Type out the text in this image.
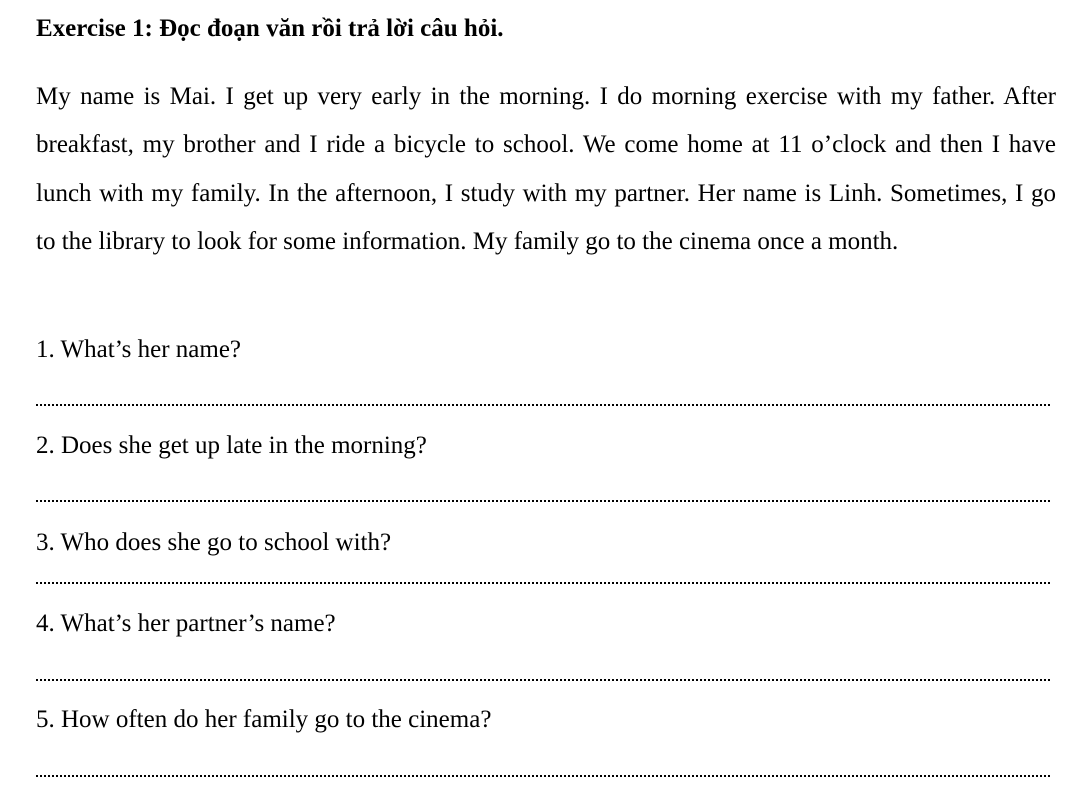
Exercise 1: Đọc đoạn văn rồi trả lời câu hỏi.

My name is Mai. I get up very early in the morning. I do morning exercise with my father. After breakfast, my brother and I ride a bicycle to school. We come home at 11 o’clock and then I have lunch with my family. In the afternoon, I study with my partner. Her name is Linh. Sometimes, I go to the library to look for some information. My family go to the cinema once a month.

1. What’s her name?
2. Does she get up late in the morning?
3. Who does she go to school with?
4. What’s her partner’s name?
5. How often do her family go to the cinema?
